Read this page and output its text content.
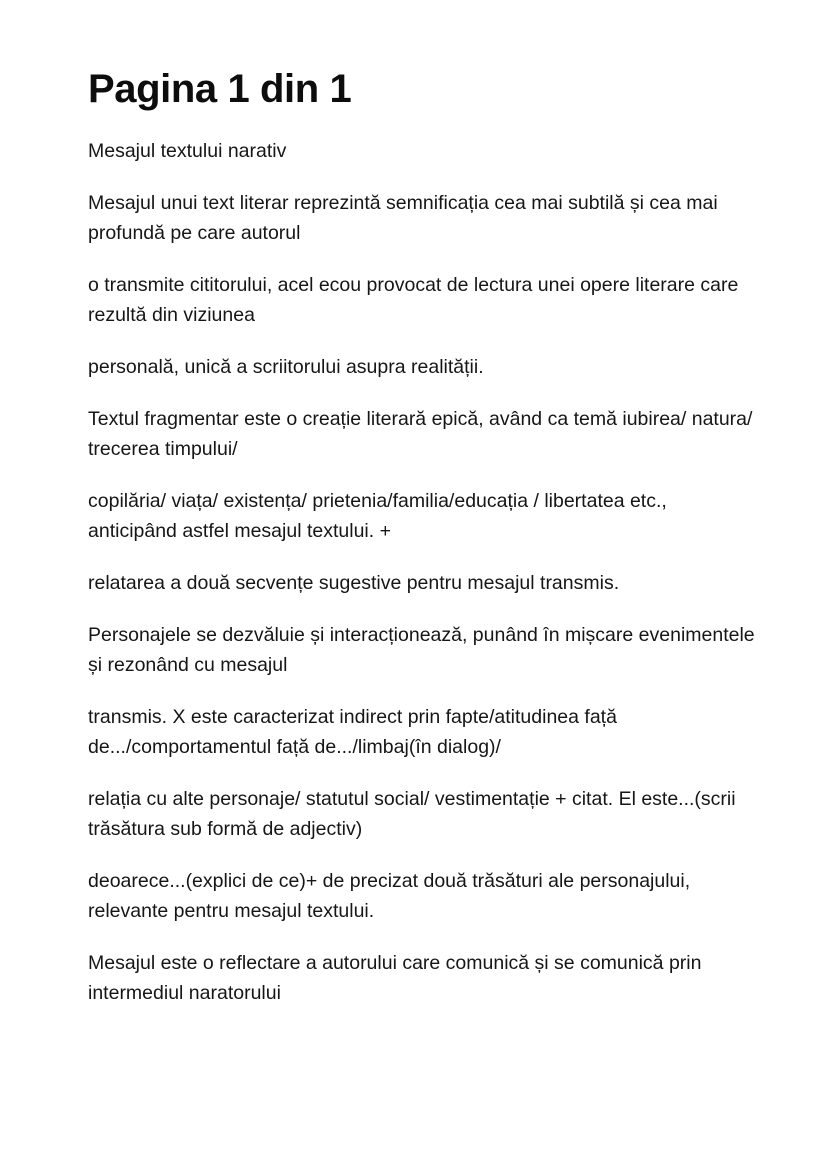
Pagina 1 din 1

Mesajul textului narativ

Mesajul unui text literar reprezintă semnificația cea mai subtilă și cea mai profundă pe care autorul

o transmite cititorului, acel ecou provocat de lectura unei opere literare care rezultă din viziunea

personală, unică a scriitorului asupra realității.

Textul fragmentar este o creație literară epică, având ca temă iubirea/ natura/ trecerea timpului/

copilăria/ viața/ existența/ prietenia/familia/educația / libertatea etc., anticipând astfel mesajul textului. +

relatarea a două secvențe sugestive pentru mesajul transmis.

Personajele se dezvăluie și interacționează, punând în mișcare evenimentele și rezonând cu mesajul

transmis. X este caracterizat indirect prin fapte/atitudinea față de.../comportamentul față de.../limbaj(în dialog)/

relația cu alte personaje/ statutul social/ vestimentație + citat. El este...(scrii trăsătura sub formă de adjectiv)

deoarece...(explici de ce)+ de precizat două trăsături ale personajului, relevante pentru mesajul textului.

Mesajul este o reflectare a autorului care comunică și se comunică prin intermediul naratorului
